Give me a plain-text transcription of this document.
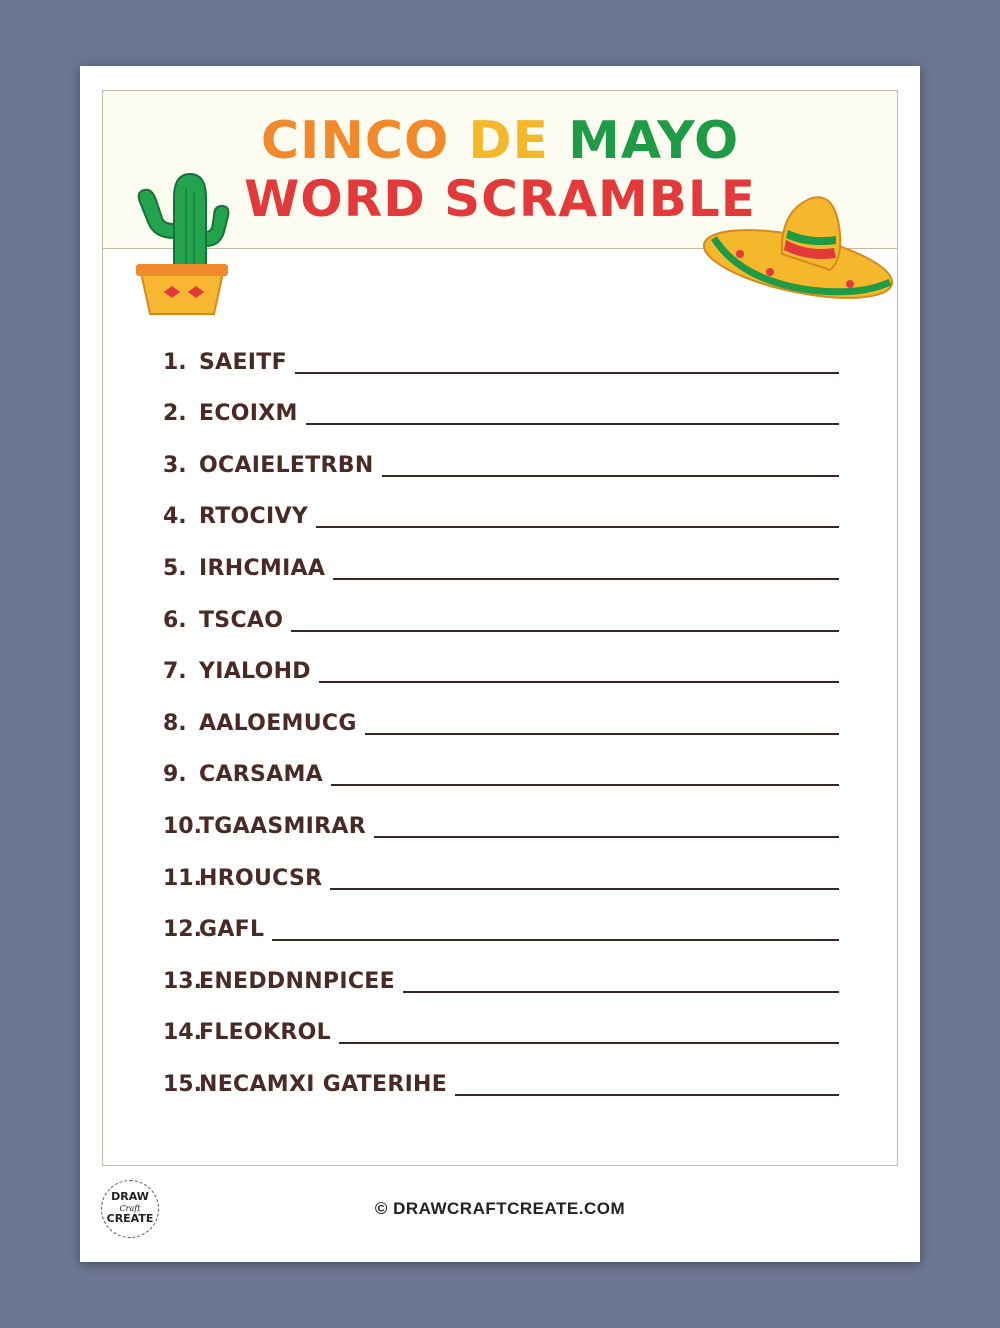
CINCO DE MAYO
WORD SCRAMBLE
1. SAEITF
2. ECOIXM
3. OCAIELETRBN
4. RTOCIVY
5. IRHCMIAA
6. TSCAO
7. YIALOHD
8. AALOEMUCG
9. CARSAMA
10.
TGAASMIRAR
11.
HROUCSR
12.
GAFL
13.
ENEDDNNPICEE
14.
FLEOKROL
15.
NECAMXI GATERIHE
DRAW
Craft
CREATE
© DRAWCRAFTCREATE.COM
